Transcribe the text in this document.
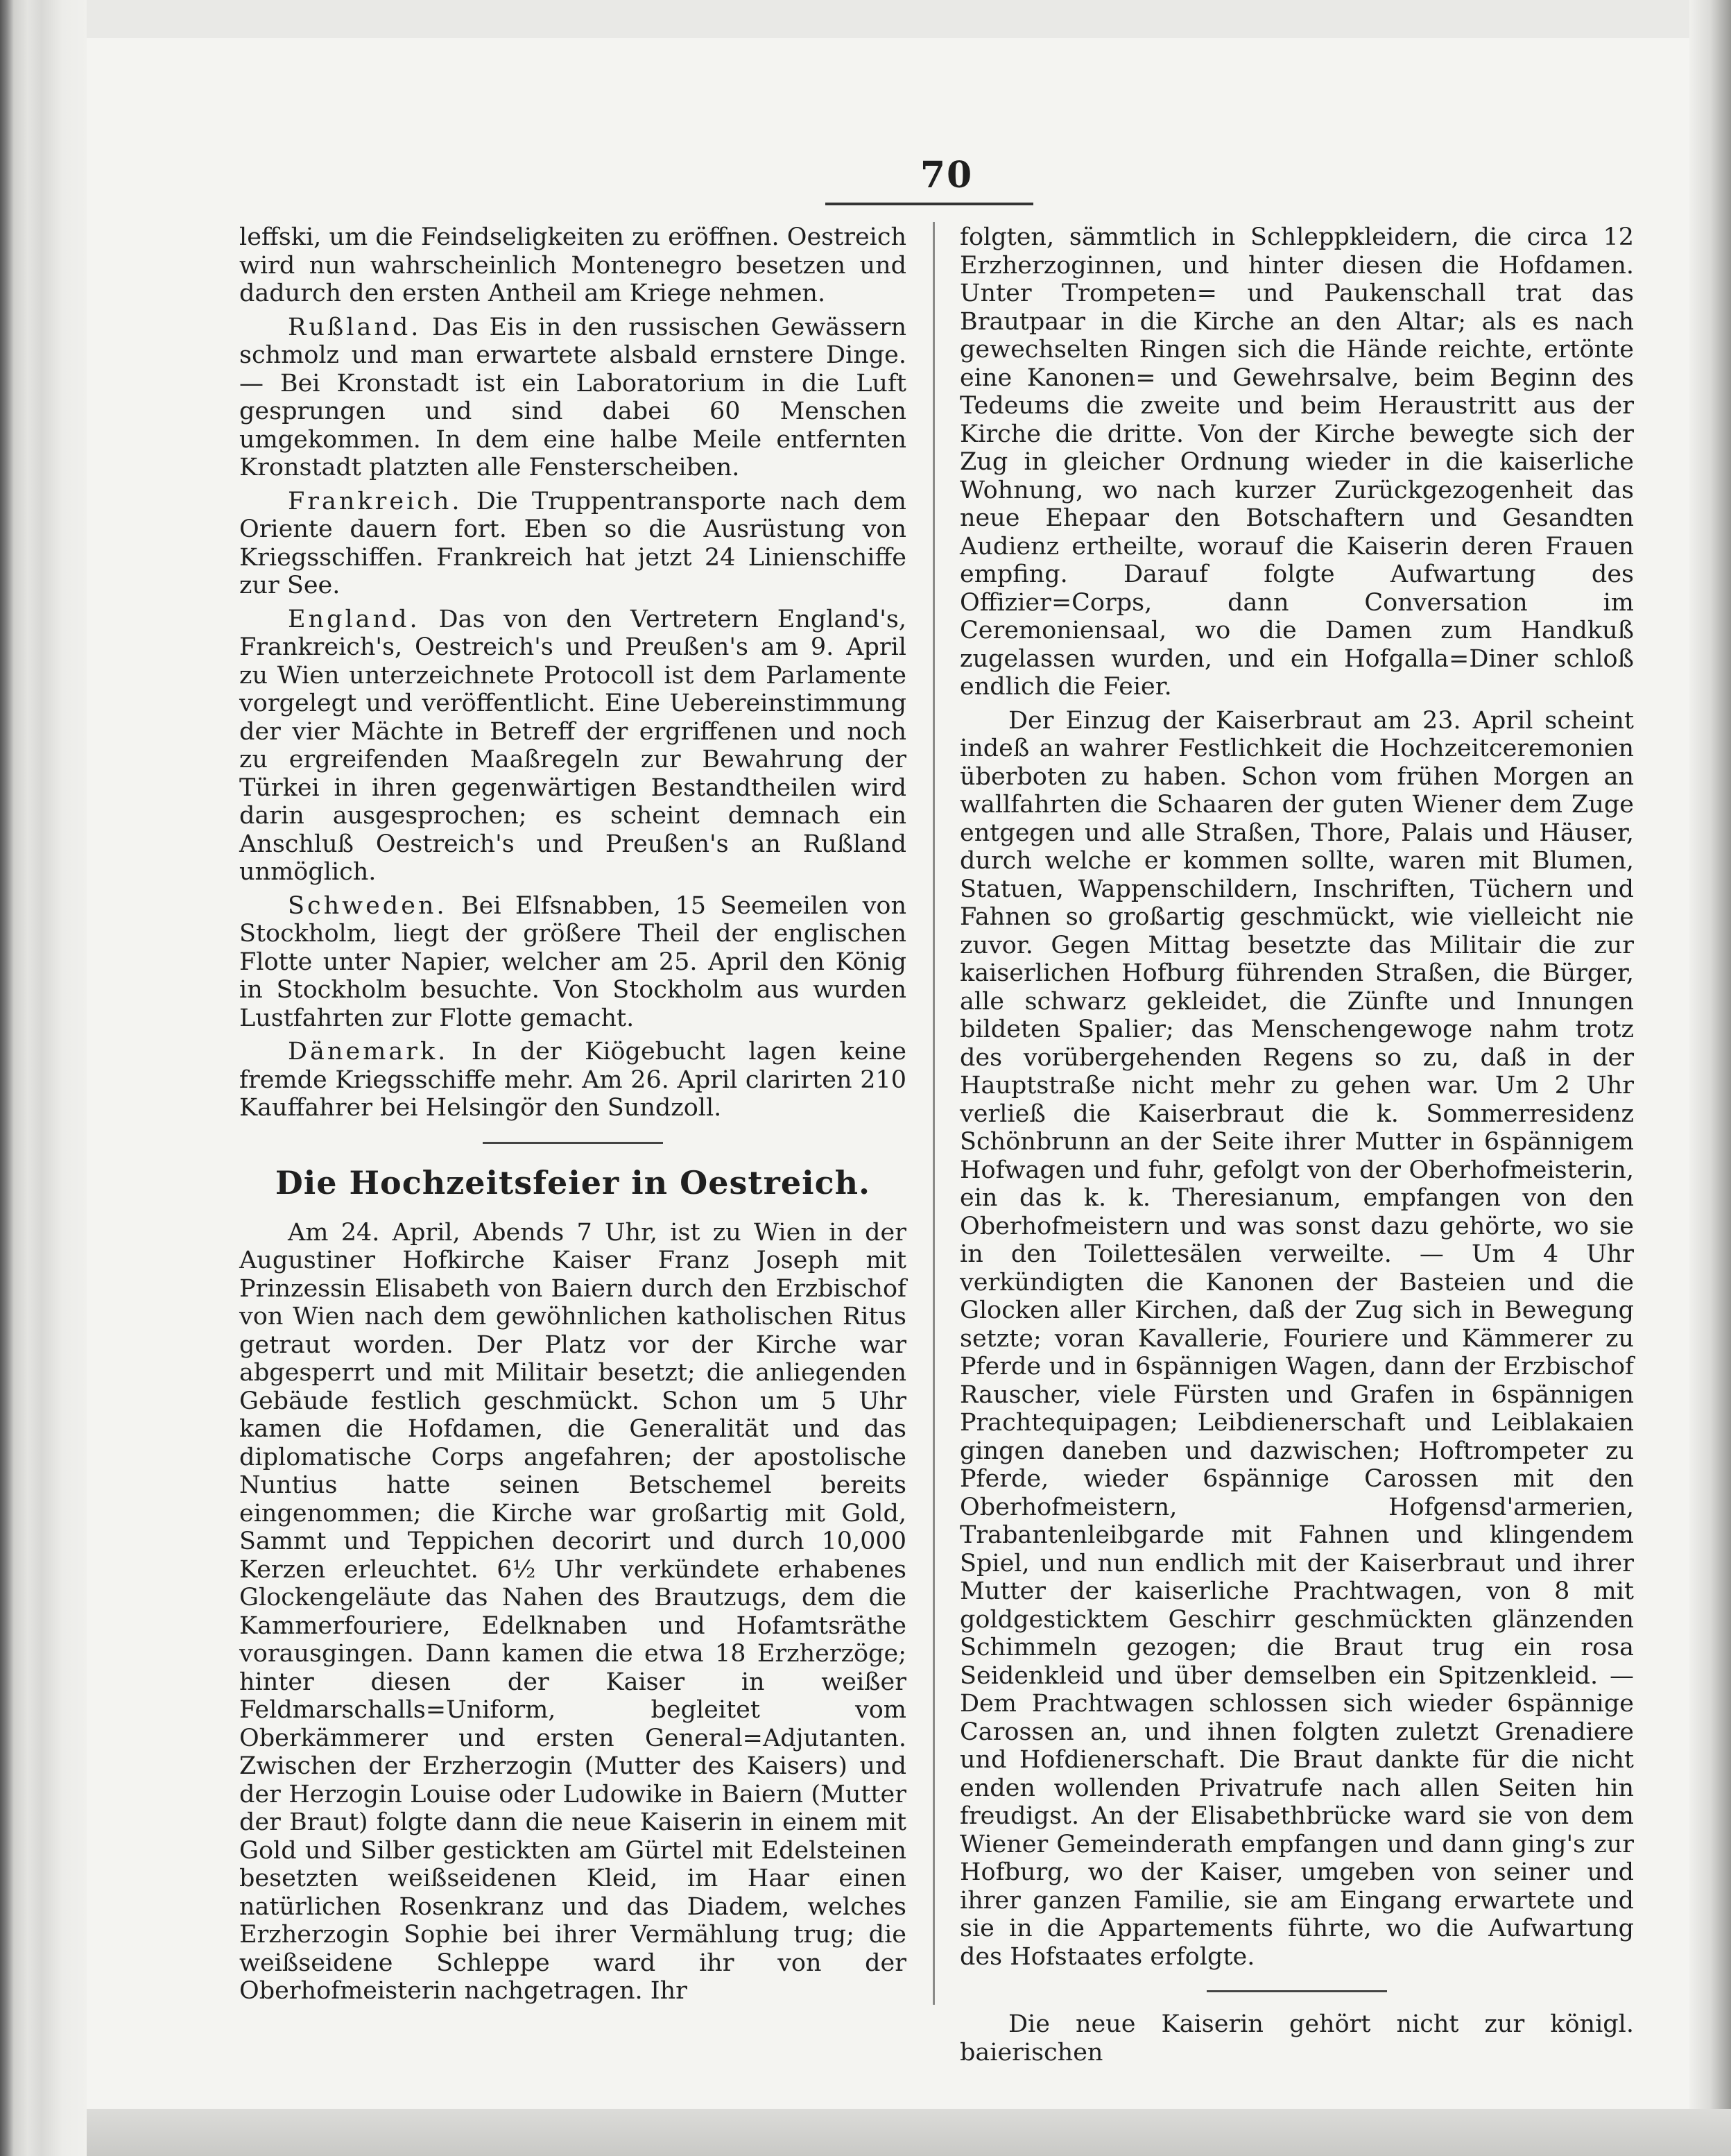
70

leffski, um die Feindseligkeiten zu eröffnen. Oestreich wird nun wahrscheinlich Montenegro besetzen und dadurch den ersten Antheil am Kriege nehmen.

Rußland. Das Eis in den russischen Gewässern schmolz und man erwartete alsbald ernstere Dinge. — Bei Kronstadt ist ein Laboratorium in die Luft gesprungen und sind dabei 60 Menschen umgekommen. In dem eine halbe Meile entfernten Kronstadt platzten alle Fensterscheiben.

Frankreich. Die Truppentransporte nach dem Oriente dauern fort. Eben so die Ausrüstung von Kriegsschiffen. Frankreich hat jetzt 24 Linienschiffe zur See.

England. Das von den Vertretern England's, Frankreich's, Oestreich's und Preußen's am 9. April zu Wien unterzeichnete Protocoll ist dem Parlamente vorgelegt und veröffentlicht. Eine Uebereinstimmung der vier Mächte in Betreff der ergriffenen und noch zu ergreifenden Maaßregeln zur Bewahrung der Türkei in ihren gegenwärtigen Bestandtheilen wird darin ausgesprochen; es scheint demnach ein Anschluß Oestreich's und Preußen's an Rußland unmöglich.

Schweden. Bei Elfsnabben, 15 Seemeilen von Stockholm, liegt der größere Theil der englischen Flotte unter Napier, welcher am 25. April den König in Stockholm besuchte. Von Stockholm aus wurden Lustfahrten zur Flotte gemacht.

Dänemark. In der Kiögebucht lagen keine fremde Kriegsschiffe mehr. Am 26. April clarirten 210 Kauffahrer bei Helsingör den Sundzoll.

Die Hochzeitsfeier in Oestreich.

Am 24. April, Abends 7 Uhr, ist zu Wien in der Augustiner Hofkirche Kaiser Franz Joseph mit Prinzessin Elisabeth von Baiern durch den Erzbischof von Wien nach dem gewöhnlichen katholischen Ritus getraut worden. Der Platz vor der Kirche war abgesperrt und mit Militair besetzt; die anliegenden Gebäude festlich geschmückt. Schon um 5 Uhr kamen die Hofdamen, die Generalität und das diplomatische Corps angefahren; der apostolische Nuntius hatte seinen Betschemel bereits eingenommen; die Kirche war großartig mit Gold, Sammt und Teppichen decorirt und durch 10,000 Kerzen erleuchtet. 6½ Uhr verkündete erhabenes Glockengeläute das Nahen des Brautzugs, dem die Kammerfouriere, Edelknaben und Hofamtsräthe vorausgingen. Dann kamen die etwa 18 Erzherzöge; hinter diesen der Kaiser in weißer Feldmarschalls=Uniform, begleitet vom Oberkämmerer und ersten General=Adjutanten. Zwischen der Erzherzogin (Mutter des Kaisers) und der Herzogin Louise oder Ludowike in Baiern (Mutter der Braut) folgte dann die neue Kaiserin in einem mit Gold und Silber gestickten am Gürtel mit Edelsteinen besetzten weißseidenen Kleid, im Haar einen natürlichen Rosenkranz und das Diadem, welches Erzherzogin Sophie bei ihrer Vermählung trug; die weißseidene Schleppe ward ihr von der Oberhofmeisterin nachgetragen. Ihr

folgten, sämmtlich in Schleppkleidern, die circa 12 Erzherzoginnen, und hinter diesen die Hofdamen. Unter Trompeten= und Paukenschall trat das Brautpaar in die Kirche an den Altar; als es nach gewechselten Ringen sich die Hände reichte, ertönte eine Kanonen= und Gewehrsalve, beim Beginn des Tedeums die zweite und beim Heraustritt aus der Kirche die dritte. Von der Kirche bewegte sich der Zug in gleicher Ordnung wieder in die kaiserliche Wohnung, wo nach kurzer Zurückgezogenheit das neue Ehepaar den Botschaftern und Gesandten Audienz ertheilte, worauf die Kaiserin deren Frauen empfing. Darauf folgte Aufwartung des Offizier=Corps, dann Conversation im Ceremoniensaal, wo die Damen zum Handkuß zugelassen wurden, und ein Hofgalla=Diner schloß endlich die Feier.

Der Einzug der Kaiserbraut am 23. April scheint indeß an wahrer Festlichkeit die Hochzeitceremonien überboten zu haben. Schon vom frühen Morgen an wallfahrten die Schaaren der guten Wiener dem Zuge entgegen und alle Straßen, Thore, Palais und Häuser, durch welche er kommen sollte, waren mit Blumen, Statuen, Wappenschildern, Inschriften, Tüchern und Fahnen so großartig geschmückt, wie vielleicht nie zuvor. Gegen Mittag besetzte das Militair die zur kaiserlichen Hofburg führenden Straßen, die Bürger, alle schwarz gekleidet, die Zünfte und Innungen bildeten Spalier; das Menschengewoge nahm trotz des vorübergehenden Regens so zu, daß in der Hauptstraße nicht mehr zu gehen war. Um 2 Uhr verließ die Kaiserbraut die k. Sommerresidenz Schönbrunn an der Seite ihrer Mutter in 6spännigem Hofwagen und fuhr, gefolgt von der Oberhofmeisterin, ein das k. k. Theresianum, empfangen von den Oberhofmeistern und was sonst dazu gehörte, wo sie in den Toilettesälen verweilte. — Um 4 Uhr verkündigten die Kanonen der Basteien und die Glocken aller Kirchen, daß der Zug sich in Bewegung setzte; voran Kavallerie, Fouriere und Kämmerer zu Pferde und in 6spännigen Wagen, dann der Erzbischof Rauscher, viele Fürsten und Grafen in 6spännigen Prachtequipagen; Leibdienerschaft und Leiblakaien gingen daneben und dazwischen; Hoftrompeter zu Pferde, wieder 6spännige Carossen mit den Oberhofmeistern, Hofgensd'armerien, Trabantenleibgarde mit Fahnen und klingendem Spiel, und nun endlich mit der Kaiserbraut und ihrer Mutter der kaiserliche Prachtwagen, von 8 mit goldgesticktem Geschirr geschmückten glänzenden Schimmeln gezogen; die Braut trug ein rosa Seidenkleid und über demselben ein Spitzenkleid. — Dem Prachtwagen schlossen sich wieder 6spännige Carossen an, und ihnen folgten zuletzt Grenadiere und Hofdienerschaft. Die Braut dankte für die nicht enden wollenden Privatrufe nach allen Seiten hin freudigst. An der Elisabethbrücke ward sie von dem Wiener Gemeinderath empfangen und dann ging's zur Hofburg, wo der Kaiser, umgeben von seiner und ihrer ganzen Familie, sie am Eingang erwartete und sie in die Appartements führte, wo die Aufwartung des Hofstaates erfolgte.

Die neue Kaiserin gehört nicht zur königl. baierischen
